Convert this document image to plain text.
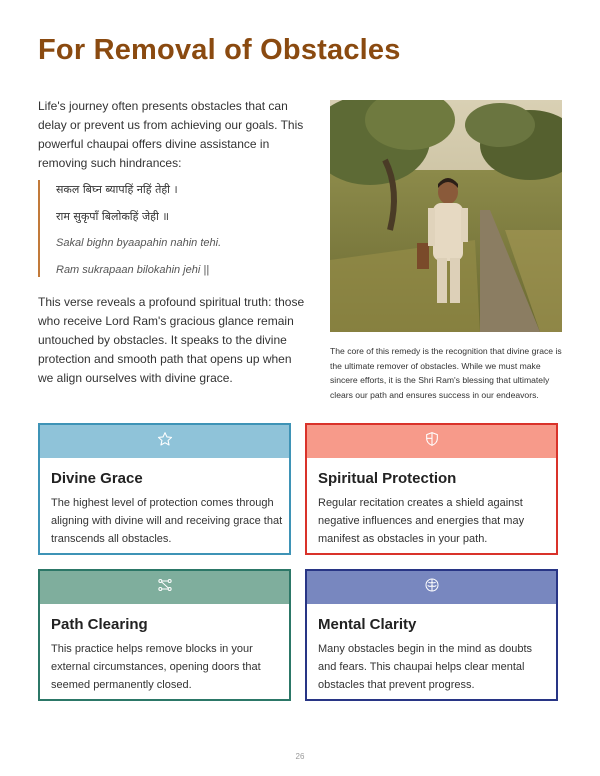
For Removal of Obstacles

Life's journey often presents obstacles that can delay or prevent us from achieving our goals. This powerful chaupai offers divine assistance in removing such hindrances:

सकल बिघ्न ब्यापहिं नहिं तेही ।
राम सुकृपाँ बिलोकहिं जेही ॥
Sakal bighn byaapahin nahin tehi.
Ram sukrapaan bilokahin jehi ||

This verse reveals a profound spiritual truth: those who receive Lord Ram's gracious glance remain untouched by obstacles. It speaks to the divine protection and smooth path that opens up when we align ourselves with divine grace.

The core of this remedy is the recognition that divine grace is the ultimate remover of obstacles. While we must make sincere efforts, it is the Shri Ram's blessing that ultimately clears our path and ensures success in our endeavors.

Divine Grace

The highest level of protection comes through aligning with divine will and receiving grace that transcends all obstacles.

Spiritual Protection

Regular recitation creates a shield against negative influences and energies that may manifest as obstacles in your path.

Path Clearing

This practice helps remove blocks in your external circumstances, opening doors that seemed permanently closed.

Mental Clarity

Many obstacles begin in the mind as doubts and fears. This chaupai helps clear mental obstacles that prevent progress.

26
